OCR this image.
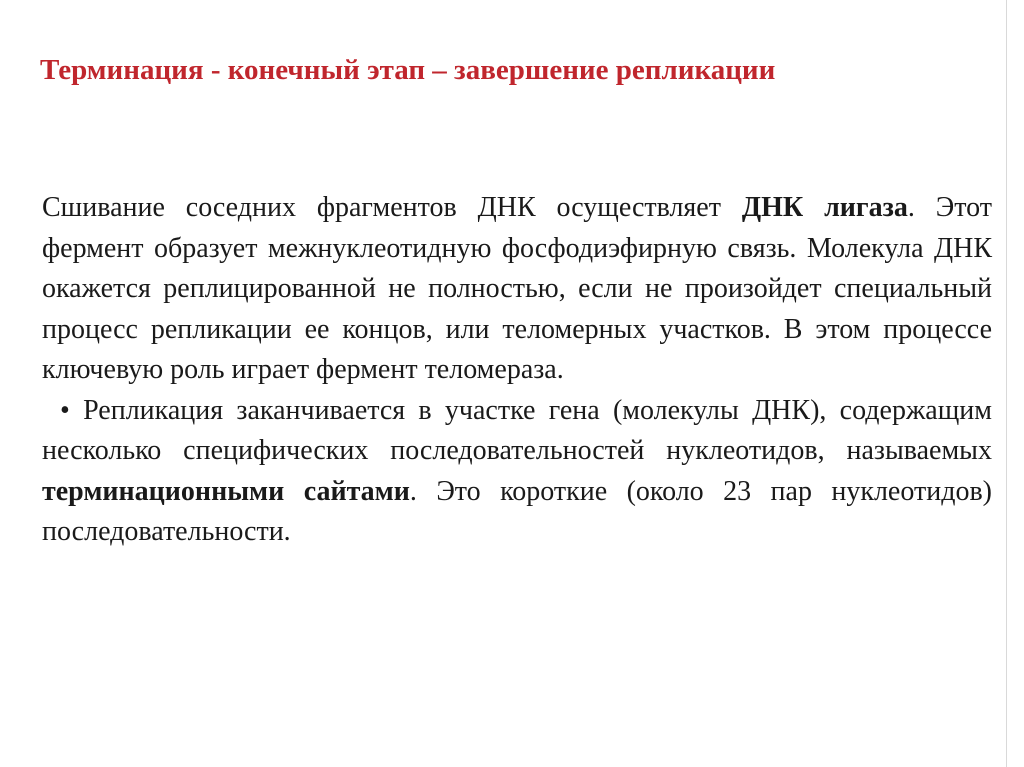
Терминация - конечный этап – завершение репликации

Сшивание соседних фрагментов ДНК осуществляет ДНК лигаза. Этот фермент образует межнуклеотидную фосфодиэфирную связь. Молекула ДНК окажется реплицированной не полностью, если не произойдет специальный процесс репликации ее концов, или теломерных участков. В этом процессе ключевую роль играет фермент теломераза.

• Репликация заканчивается в участке гена (молекулы ДНК), содержащим несколько специфических последовательностей нуклеотидов, называемых терминационными сайтами. Это короткие (около 23 пар нуклеотидов) последовательности.
